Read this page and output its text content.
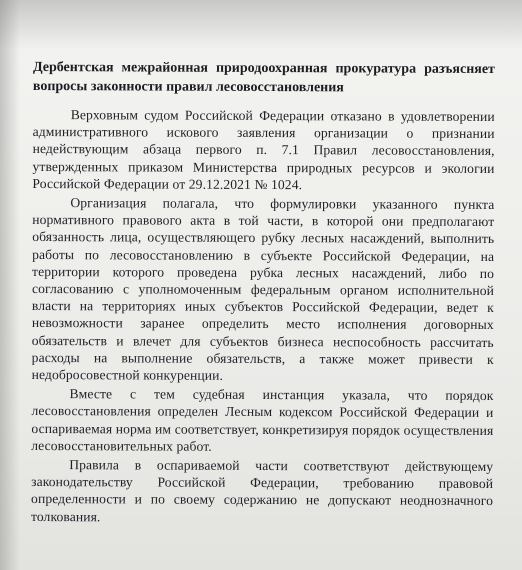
Дербентская межрайонная природоохранная прокуратура разъясняет вопросы законности правил лесовосстановления

Верховным судом Российской Федерации отказано в удовлетворении административного искового заявления организации о признании недействующим абзаца первого п. 7.1 Правил лесовосстановления, утвержденных приказом Министерства природных ресурсов и экологии Российской Федерации от 29.12.2021 № 1024.

Организация полагала, что формулировки указанного пункта нормативного правового акта в той части, в которой они предполагают обязанность лица, осуществляющего рубку лесных насаждений, выполнить работы по лесовосстановлению в субъекте Российской Федерации, на территории которого проведена рубка лесных насаждений, либо по согласованию с уполномоченным федеральным органом исполнительной власти на территориях иных субъектов Российской Федерации, ведет к невозможности заранее определить место исполнения договорных обязательств и влечет для субъектов бизнеса неспособность рассчитать расходы на выполнение обязательств, а также может привести к недобросовестной конкуренции.

Вместе с тем судебная инстанция указала, что порядок лесовосстановления определен Лесным кодексом Российской Федерации и оспариваемая норма им соответствует, конкретизируя порядок осуществления лесовосстановительных работ.

Правила в оспариваемой части соответствуют действующему законодательству Российской Федерации, требованию правовой определенности и по своему содержанию не допускают неоднозначного толкования.
